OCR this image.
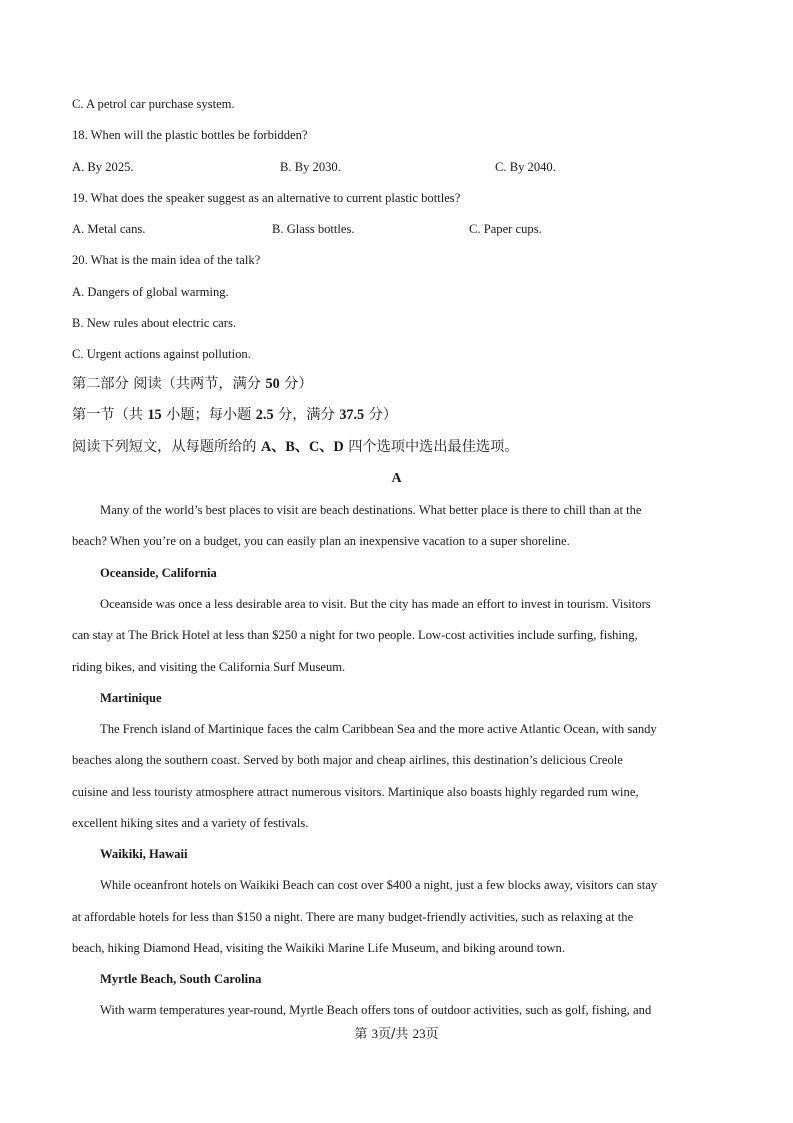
C. A petrol car purchase system.
18. When will the plastic bottles be forbidden?
A. By 2025.	B. By 2030.	C. By 2040.
19. What does the speaker suggest as an alternative to current plastic bottles?
A. Metal cans.	B. Glass bottles.	C. Paper cups.
20. What is the main idea of the talk?
A. Dangers of global warming.
B. New rules about electric cars.
C. Urgent actions against pollution.
第二部分 阅读（共两节，满分 50 分）
第一节（共 15 小题；每小题 2.5 分，满分 37.5 分）
阅读下列短文，从每题所给的 A、B、C、D 四个选项中选出最佳选项。
A
Many of the world’s best places to visit are beach destinations. What better place is there to chill than at the
beach? When you’re on a budget, you can easily plan an inexpensive vacation to a super shoreline.
Oceanside, California
Oceanside was once a less desirable area to visit. But the city has made an effort to invest in tourism. Visitors
can stay at The Brick Hotel at less than $250 a night for two people. Low-cost activities include surfing, fishing,
riding bikes, and visiting the California Surf Museum.
Martinique
The French island of Martinique faces the calm Caribbean Sea and the more active Atlantic Ocean, with sandy
beaches along the southern coast. Served by both major and cheap airlines, this destination’s delicious Creole
cuisine and less touristy atmosphere attract numerous visitors. Martinique also boasts highly regarded rum wine,
excellent hiking sites and a variety of festivals.
Waikiki, Hawaii
While oceanfront hotels on Waikiki Beach can cost over $400 a night, just a few blocks away, visitors can stay
at affordable hotels for less than $150 a night. There are many budget-friendly activities, such as relaxing at the
beach, hiking Diamond Head, visiting the Waikiki Marine Life Museum, and biking around town.
Myrtle Beach, South Carolina
With warm temperatures year-round, Myrtle Beach offers tons of outdoor activities, such as golf, fishing, and
第 3页/共 23页
